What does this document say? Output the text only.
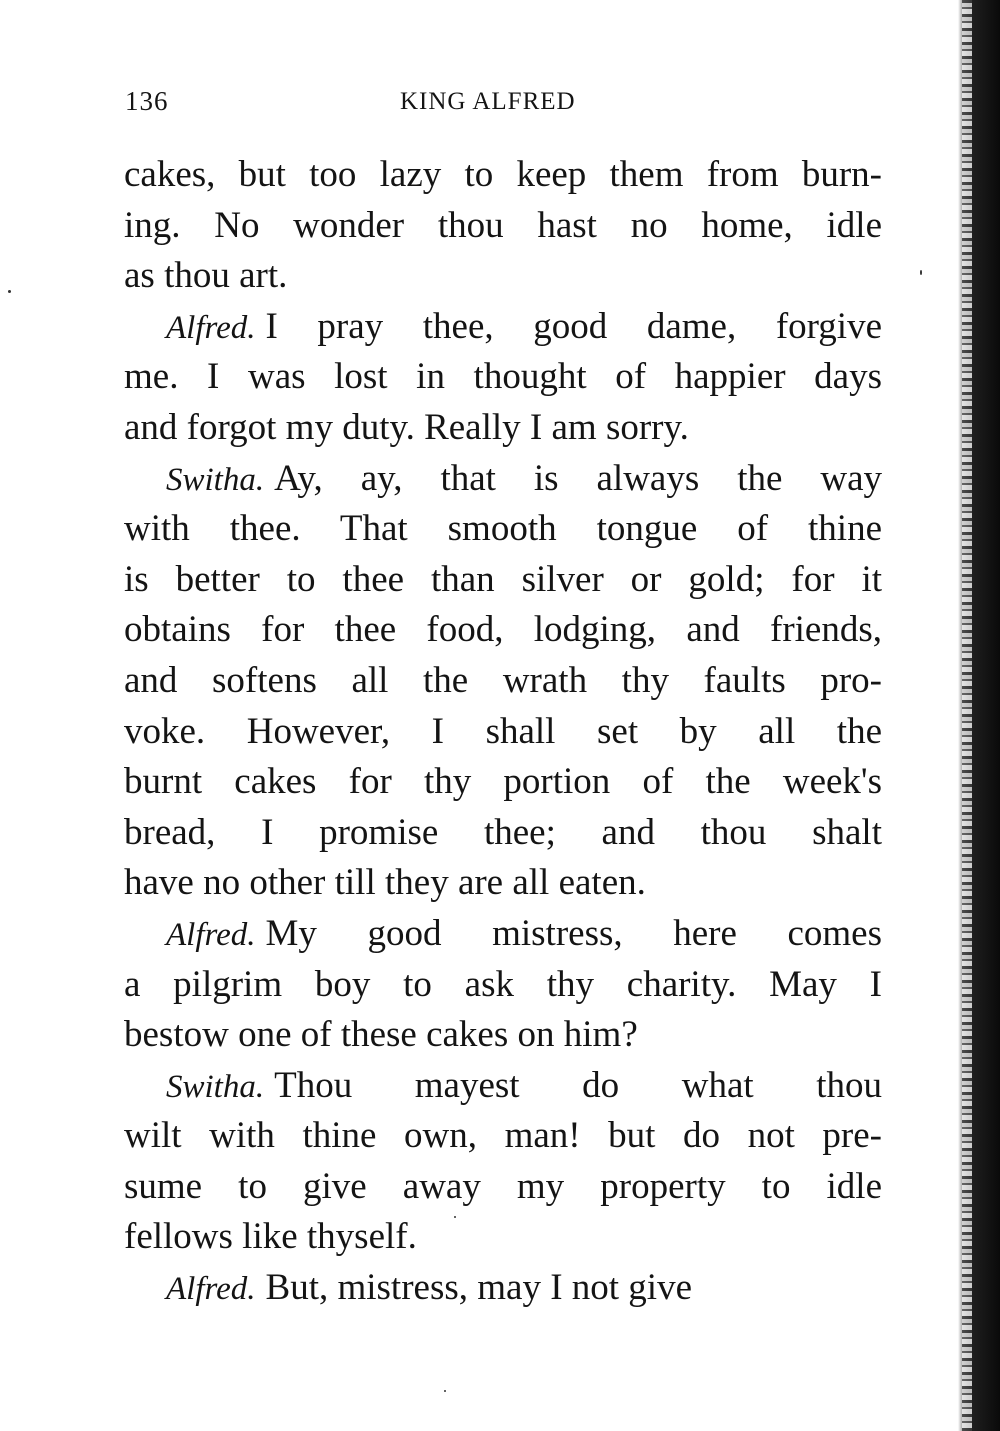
136	KING ALFRED
cakes, but too lazy to keep them from burn-
ing. No wonder thou hast no home, idle
as thou art.
Alfred. I pray thee, good dame, forgive
me. I was lost in thought of happier days
and forgot my duty. Really I am sorry.
Switha. Ay, ay, that is always the way
with thee. That smooth tongue of thine
is better to thee than silver or gold; for it
obtains for thee food, lodging, and friends,
and softens all the wrath thy faults pro-
voke. However, I shall set by all the
burnt cakes for thy portion of the week's
bread, I promise thee; and thou shalt
have no other till they are all eaten.
Alfred. My good mistress, here comes
a pilgrim boy to ask thy charity. May I
bestow one of these cakes on him?
Switha. Thou mayest do what thou
wilt with thine own, man! but do not pre-
sume to give away my property to idle
fellows like thyself.
Alfred. But, mistress, may I not give
